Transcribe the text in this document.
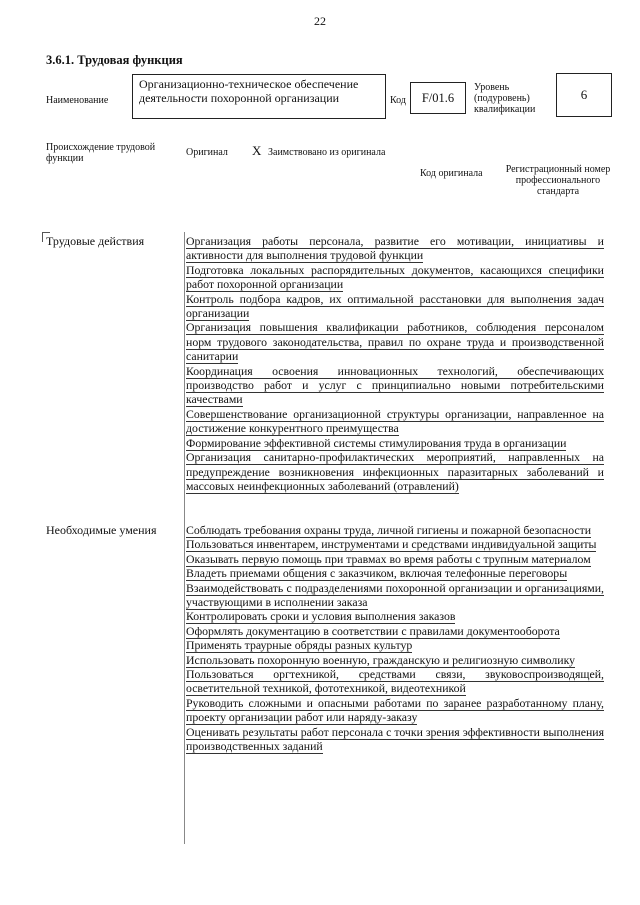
22
3.6.1. Трудовая функция
Наименование
Организационно-техническое обеспечение деятельности похоронной организации	Код F/01.6
Уровень (подуровень) квалификации
6
Происхождение трудовой функции
Оригинал X Заимствовано из оригинала
Код оригинала	Регистрационный номер профессионального стандарта
Трудовые действия	Организация работы персонала, развитие его мотивации, инициативы и активности для выполнения трудовой функции
Подготовка локальных распорядительных документов, касающихся специфики работ похоронной организации
Контроль подбора кадров, их оптимальной расстановки для выполнения задач организации
Организация повышения квалификации работников, соблюдения персоналом норм трудового законодательства, правил по охране труда и производственной санитарии
Координация освоения инновационных технологий, обеспечивающих производство работ и услуг с принципиально новыми потребительскими качествами
Совершенствование организационной структуры организации, направленное на достижение конкурентного преимущества
Формирование эффективной системы стимулирования труда в организации
Организация санитарно-профилактических мероприятий, направленных на предупреждение возникновения инфекционных паразитарных заболеваний и массовых неинфекционных заболеваний (отравлений)
Необходимые умения	Соблюдать требования охраны труда, личной гигиены и пожарной безопасности
Пользоваться инвентарем, инструментами и средствами индивидуальной защиты
Оказывать первую помощь при травмах во время работы с трупным материалом
Владеть приемами общения с заказчиком, включая телефонные переговоры
Взаимодействовать с подразделениями похоронной организации и организациями, участвующими в исполнении заказа
Контролировать сроки и условия выполнения заказов
Оформлять документацию в соответствии с правилами документооборота
Применять траурные обряды разных культур
Использовать похоронную военную, гражданскую и религиозную символику
Пользоваться оргтехникой, средствами связи, звуковоспроизводящей, осветительной техникой, фототехникой, видеотехникой
Руководить сложными и опасными работами по заранее разработанному плану, проекту организации работ или наряду-заказу
Оценивать результаты работ персонала с точки зрения эффективности выполнения производственных заданий
